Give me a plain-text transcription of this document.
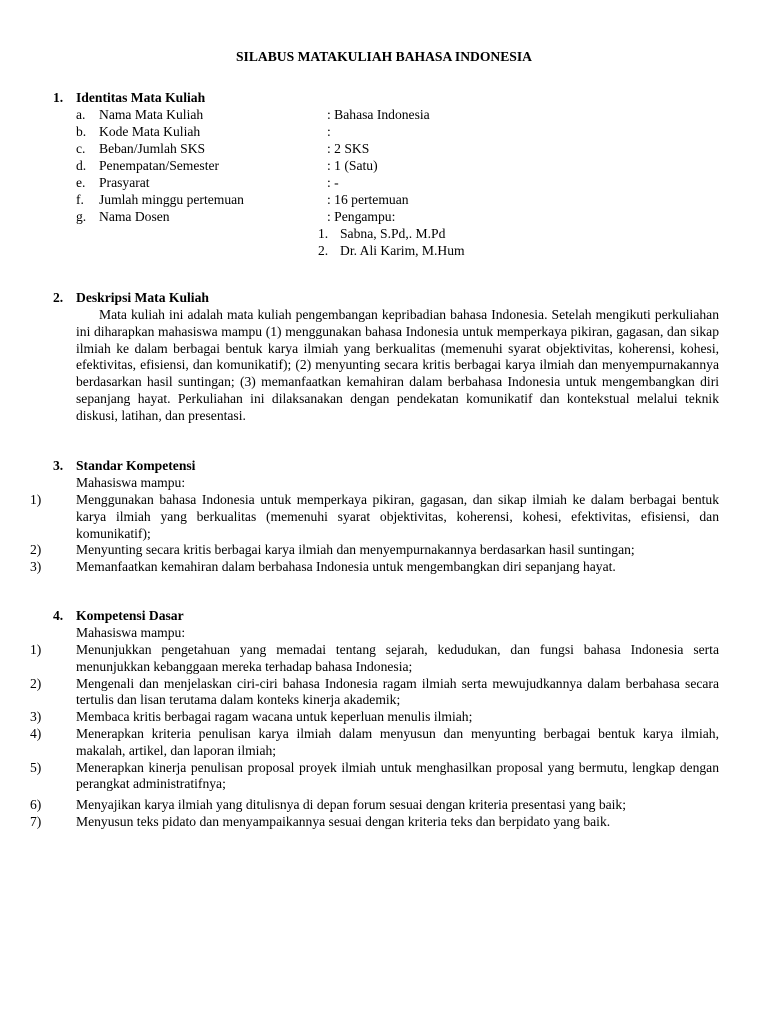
SILABUS MATAKULIAH BAHASA INDONESIA
1. Identitas Mata Kuliah
a. Nama Mata Kuliah	: Bahasa Indonesia
b. Kode Mata Kuliah	:
c. Beban/Jumlah SKS	: 2 SKS
d. Penempatan/Semester	: 1 (Satu)
e. Prasyarat	: -
f.	Jumlah minggu pertemuan	: 16 pertemuan
g. Nama Dosen	: Pengampu:
1. Sabna, S.Pd,. M.Pd
2. Dr. Ali Karim, M.Hum
2. Deskripsi Mata Kuliah
Mata kuliah ini adalah mata kuliah pengembangan kepribadian bahasa Indonesia. Setelah mengikuti perkuliahan ini diharapkan mahasiswa mampu (1) menggunakan bahasa Indonesia untuk memperkaya pikiran, gagasan, dan sikap ilmiah ke dalam berbagai bentuk karya ilmiah yang berkualitas (memenuhi syarat objektivitas, koherensi, kohesi, efektivitas, efisiensi, dan komunikatif); (2) menyunting secara kritis berbagai karya ilmiah dan menyempurnakannya berdasarkan hasil suntingan; (3) memanfaatkan kemahiran dalam berbahasa Indonesia untuk mengembangkan diri sepanjang hayat. Perkuliahan ini dilaksanakan dengan pendekatan komunikatif dan kontekstual melalui teknik diskusi, latihan, dan presentasi.
3. Standar Kompetensi
Mahasiswa mampu:
1)	Menggunakan bahasa Indonesia untuk memperkaya pikiran, gagasan, dan sikap ilmiah ke dalam berbagai bentuk karya ilmiah yang berkualitas (memenuhi syarat objektivitas, koherensi, kohesi, efektivitas, efisiensi, dan komunikatif);
2)	Menyunting secara kritis berbagai karya ilmiah dan menyempurnakannya berdasarkan hasil suntingan;
3)	Memanfaatkan kemahiran dalam berbahasa Indonesia untuk mengembangkan diri sepanjang hayat.
4. Kompetensi Dasar
Mahasiswa mampu:
1)	Menunjukkan pengetahuan yang memadai tentang sejarah, kedudukan, dan fungsi bahasa Indonesia serta menunjukkan kebanggaan mereka terhadap bahasa Indonesia;
2)	Mengenali dan menjelaskan ciri-ciri bahasa Indonesia ragam ilmiah serta mewujudkannya dalam berbahasa secara tertulis dan lisan terutama dalam konteks kinerja akademik;
3)	Membaca kritis berbagai ragam wacana untuk keperluan menulis ilmiah;
4)	Menerapkan kriteria penulisan karya ilmiah dalam menyusun dan menyunting berbagai bentuk karya ilmiah, makalah, artikel, dan laporan ilmiah;
5)	Menerapkan kinerja penulisan proposal proyek ilmiah untuk menghasilkan proposal yang bermutu, lengkap dengan perangkat administratifnya;
6)	Menyajikan karya ilmiah yang ditulisnya di depan forum sesuai dengan kriteria presentasi yang baik;
7)	Menyusun teks pidato dan menyampaikannya sesuai dengan kriteria teks dan berpidato yang baik.
